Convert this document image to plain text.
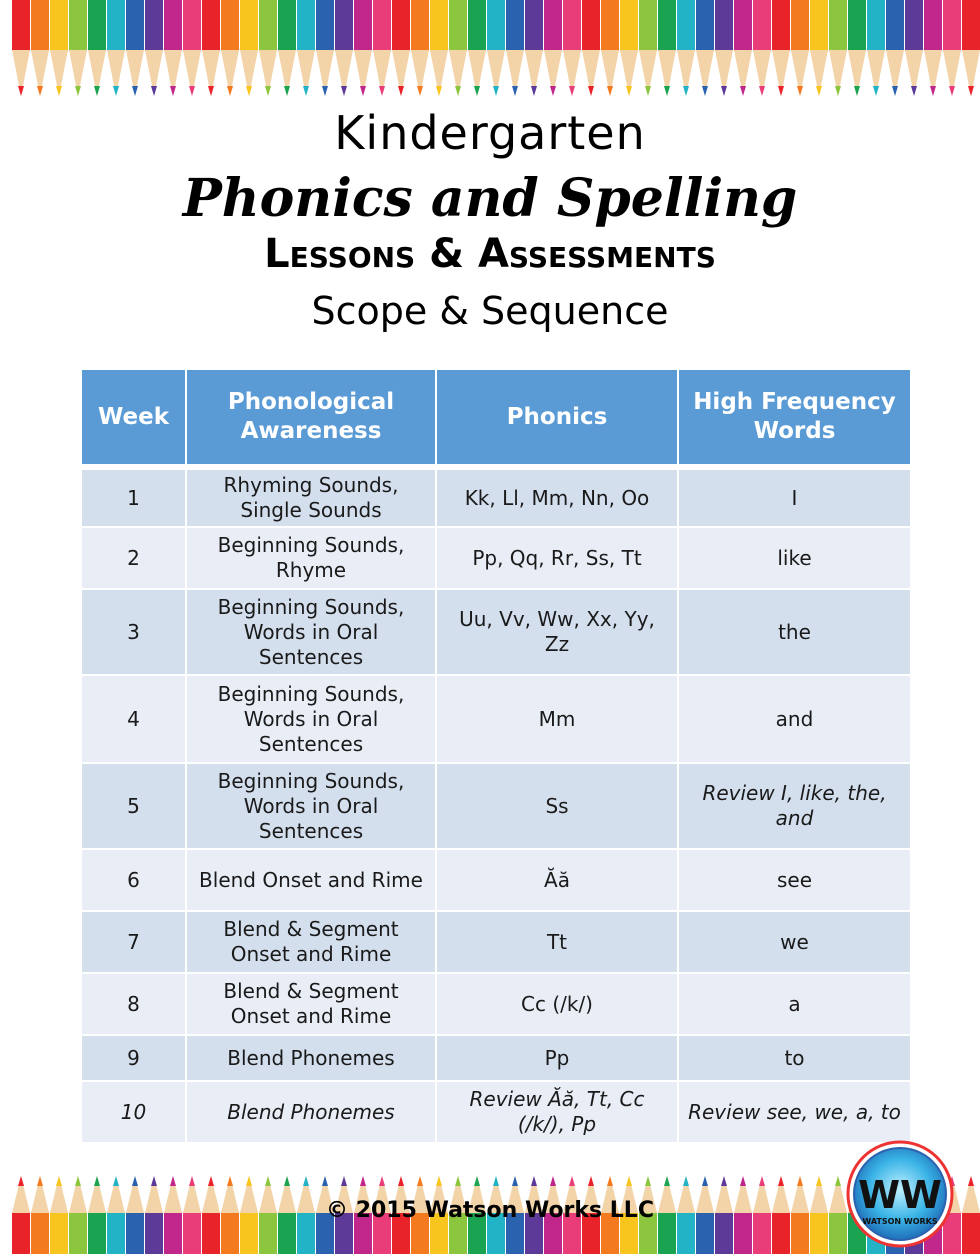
Kindergarten
Phonics and Spelling
Lessons & Assessments
Scope & Sequence
Week	Phonological Awareness	Phonics	High Frequency Words
1	Rhyming Sounds, Single Sounds	Kk, Ll, Mm, Nn, Oo	I
2	Beginning Sounds, Rhyme	Pp, Qq, Rr, Ss, Tt	like
3	Beginning Sounds, Words in Oral Sentences	Uu, Vv, Ww, Xx, Yy, Zz	the
4	Beginning Sounds, Words in Oral Sentences	Mm	and
5	Beginning Sounds, Words in Oral Sentences	Ss	Review I, like, the, and
6	Blend Onset and Rime	Ăă	see
7	Blend & Segment Onset and Rime	Tt	we
8	Blend & Segment Onset and Rime	Cc (/k/)	a
9	Blend Phonemes	Pp	to
10	Blend Phonemes	Review Ăă, Tt, Cc (/k/), Pp	Review see, we, a, to
© 2015 Watson Works LLC	WW
WATSON WORKS
